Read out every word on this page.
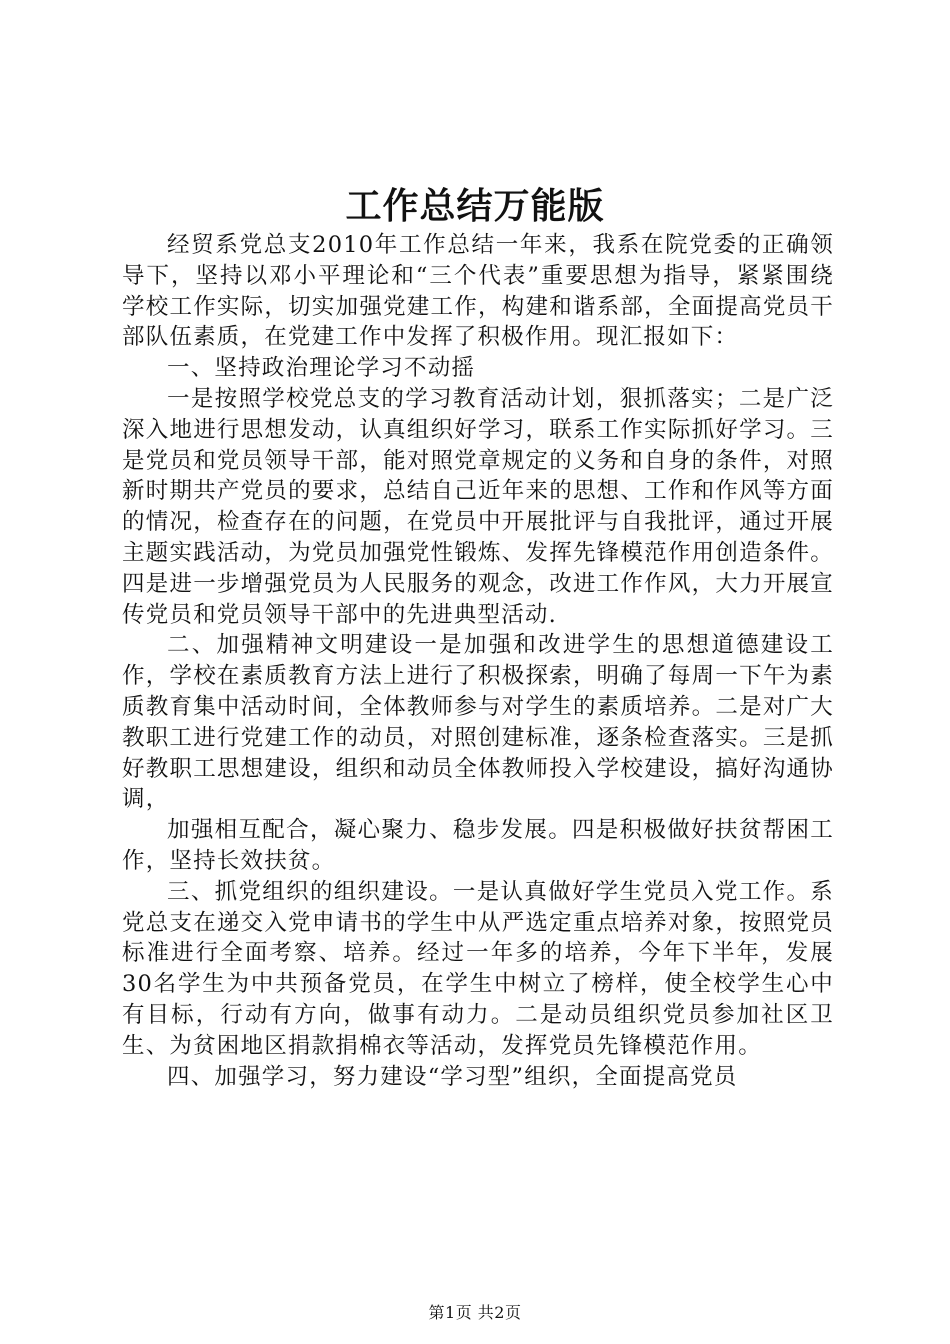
工作总结万能版

经贸系党总支2010年工作总结一年来，我系在院党委的正确领导下，坚持以邓小平理论和“三个代表”重要思想为指导，紧紧围绕学校工作实际，切实加强党建工作，构建和谐系部，全面提高党员干部队伍素质，在党建工作中发挥了积极作用。现汇报如下：

一、坚持政治理论学习不动摇

一是按照学校党总支的学习教育活动计划，狠抓落实；二是广泛深入地进行思想发动，认真组织好学习，联系工作实际抓好学习。三是党员和党员领导干部，能对照党章规定的义务和自身的条件，对照新时期共产党员的要求，总结自己近年来的思想、工作和作风等方面的情况，检查存在的问题，在党员中开展批评与自我批评，通过开展主题实践活动，为党员加强党性锻炼、发挥先锋模范作用创造条件。四是进一步增强党员为人民服务的观念，改进工作作风，大力开展宣传党员和党员领导干部中的先进典型活动.

二、加强精神文明建设一是加强和改进学生的思想道德建设工作，学校在素质教育方法上进行了积极探索，明确了每周一下午为素质教育集中活动时间，全体教师参与对学生的素质培养。二是对广大教职工进行党建工作的动员，对照创建标准，逐条检查落实。三是抓好教职工思想建设，组织和动员全体教师投入学校建设，搞好沟通协调，

加强相互配合，凝心聚力、稳步发展。四是积极做好扶贫帮困工作，坚持长效扶贫。

三、抓党组织的组织建设。一是认真做好学生党员入党工作。系党总支在递交入党申请书的学生中从严选定重点培养对象，按照党员标准进行全面考察、培养。经过一年多的培养，今年下半年，发展30名学生为中共预备党员，在学生中树立了榜样，使全校学生心中有目标，行动有方向，做事有动力。二是动员组织党员参加社区卫生、为贫困地区捐款捐棉衣等活动，发挥党员先锋模范作用。

四、加强学习，努力建设“学习型”组织，全面提高党员

第1页 共2页
